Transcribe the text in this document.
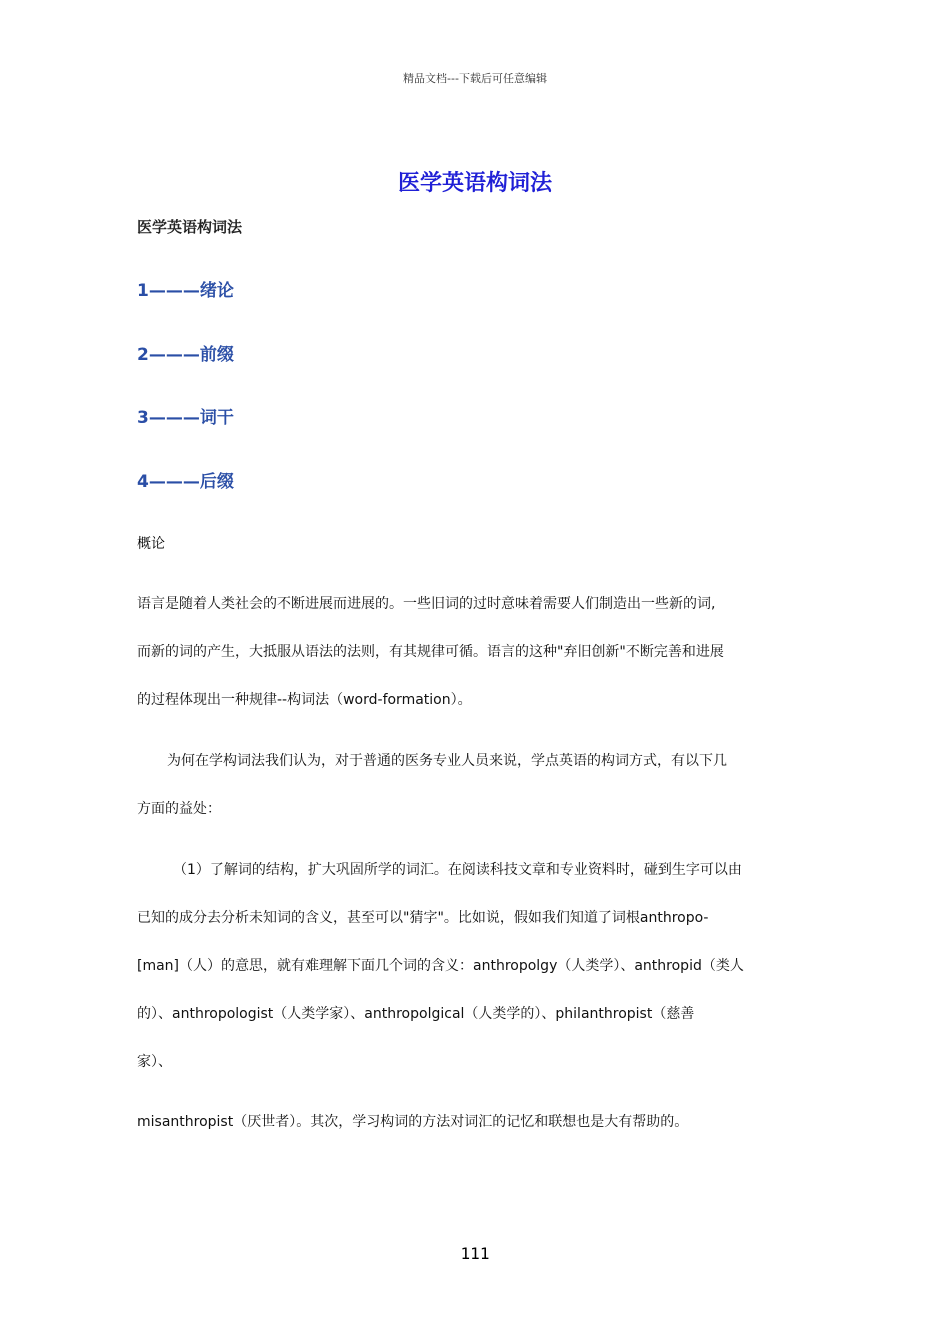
精品文档---下载后可任意编辑
医学英语构词法
医学英语构词法
1———绪论
2———前缀
3———词干
4———后缀
概论
语言是随着人类社会的不断进展而进展的。一些旧词的过时意味着需要人们制造出一些新的词,
而新的词的产生，大抵服从语法的法则，有其规律可循。语言的这种"弃旧创新"不断完善和进展
的过程体现出一种规律--构词法（word-formation）。
为何在学构词法我们认为，对于普通的医务专业人员来说，学点英语的构词方式，有以下几
方面的益处：
（1）了解词的结构，扩大巩固所学的词汇。在阅读科技文章和专业资料时，碰到生字可以由
已知的成分去分析未知词的含义，甚至可以"猜字"。比如说，假如我们知道了词根anthropo-
[man]（人）的意思，就有难理解下面几个词的含义：anthropolgy（人类学）、anthropid（类人
的）、anthropologist（人类学家）、anthropolgical（人类学的）、philanthropist（慈善
家）、
misanthropist（厌世者）。其次，学习构词的方法对词汇的记忆和联想也是大有帮助的。
111
